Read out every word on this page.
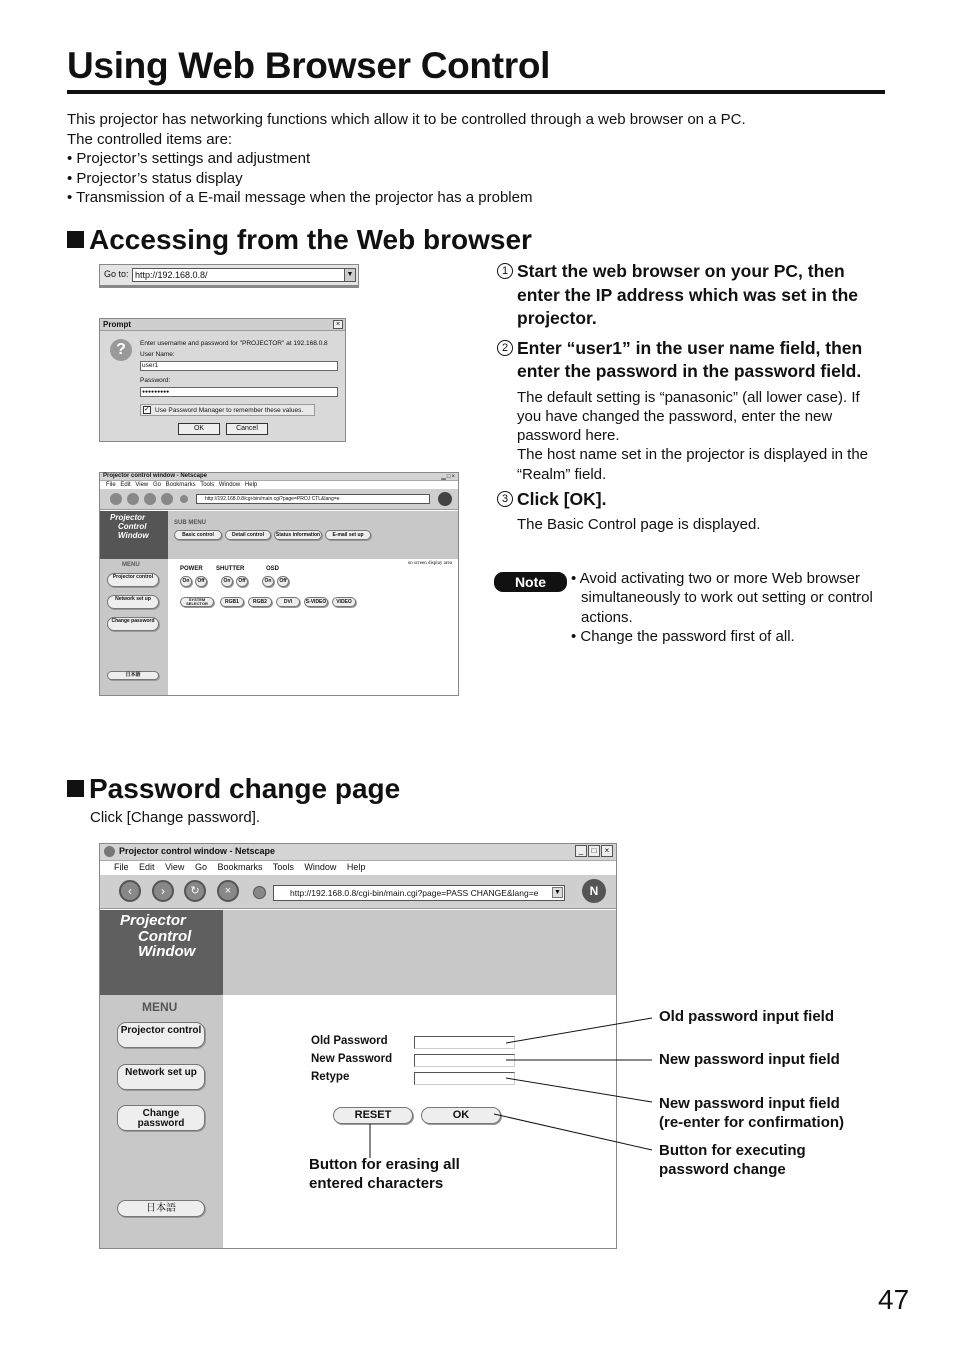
Using Web Browser Control
This projector has networking functions which allow it to be controlled through a web browser on a PC.
The controlled items are:
• Projector’s settings and adjustment
• Projector’s status display
• Transmission of a E-mail message when the projector has a problem
Accessing from the Web browser
Go to: http://192.168.0.8/	▼
Prompt	×
?	Enter username and password for "PROJECTOR" at 192.168.0.8
User Name:
user1
Password:
●●●●●●●●●
✓ Use Password Manager to remember these values.
OK	Cancel
Projector control window - Netscape	▁□×
File Edit View Go Bookmarks Tools Window Help
http://192.168.0.8/cgi-bin/main.cgi?page=PROJ CTL&lang=e
Projector
Control
Window
SUB MENU
Basic control	Detail control	Status information	E-mail set up
MENU
Projector control
Network set up
Change password
日本語
on screen display area
POWER SHUTTER	OSD
On	Off	On	Off	On	Off
SYSTEM SELECTOR	RGB1	RGB2	DVI	S-VIDEO	VIDEO
1 Start the web browser on your PC, then enter the IP address which was set in the projector.
2 Enter “user1” in the user name field, then enter the password in the password field.
The default setting is “panasonic” (all lower case). If you have changed the password, enter the new password here.
The host name set in the projector is displayed in the “Realm” field.
3 Click [OK].
The Basic Control page is displayed.
Note	• Avoid activating two or more Web browser simultaneously to work out setting or control actions.
• Change the password first of all.
Password change page
Click [Change password].
Projector control window - Netscape	_	□	×
File Edit View Go Bookmarks Tools Window Help
‹	›	↻	×	http://192.168.0.8/cgi-bin/main.cgi?page=PASS CHANGE&lang=e	▼	N
Projector
Control
Window
MENU
Projector control
Network set up
Change password
日本語
Old Password
New Password
Retype
RESET	OK
Old password input field
New password input field
New password input field
(re-enter for confirmation)
Button for executing
password change
Button for erasing all
entered characters
47
